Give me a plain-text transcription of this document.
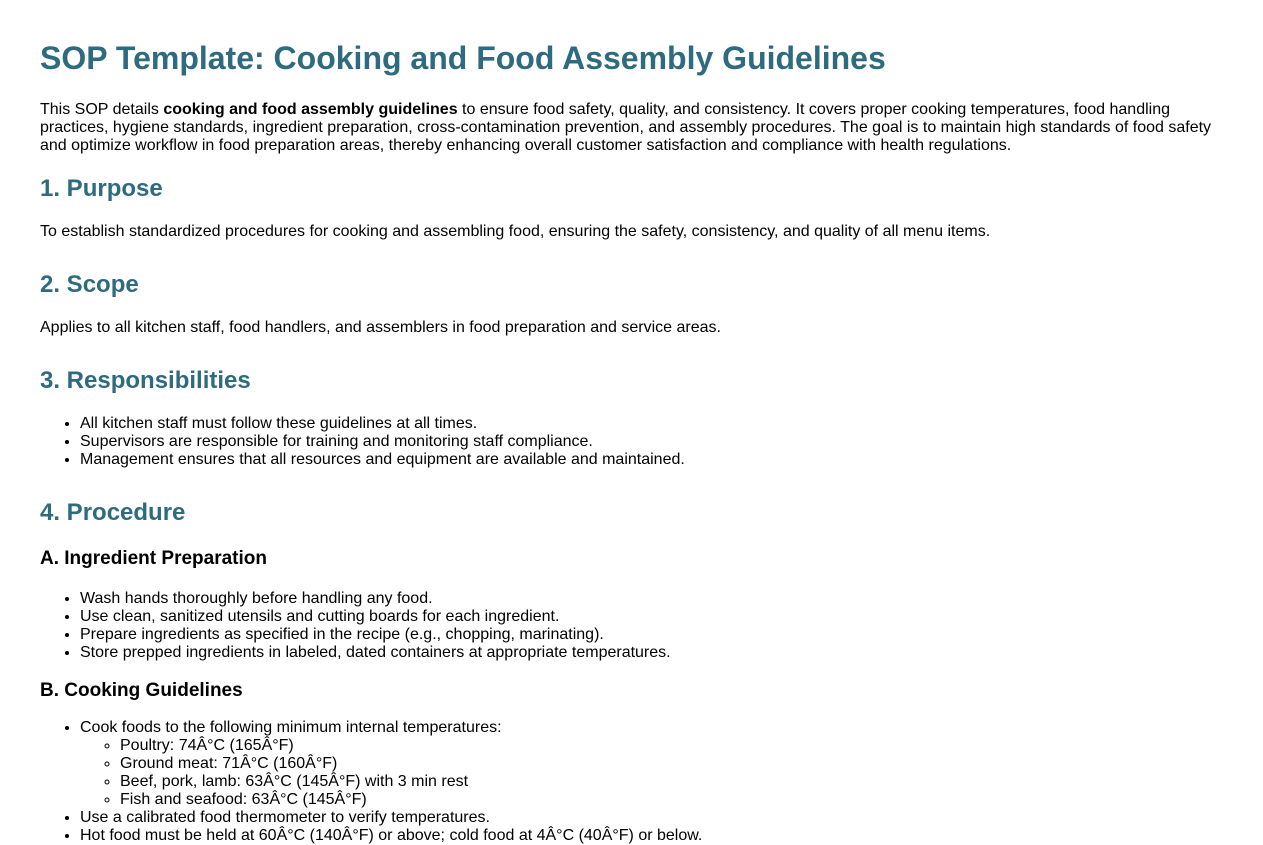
SOP Template: Cooking and Food Assembly Guidelines

This SOP details cooking and food assembly guidelines to ensure food safety, quality, and consistency. It covers proper cooking temperatures, food handling practices, hygiene standards, ingredient preparation, cross-contamination prevention, and assembly procedures. The goal is to maintain high standards of food safety and optimize workflow in food preparation areas, thereby enhancing overall customer satisfaction and compliance with health regulations.

1. Purpose

To establish standardized procedures for cooking and assembling food, ensuring the safety, consistency, and quality of all menu items.

2. Scope

Applies to all kitchen staff, food handlers, and assemblers in food preparation and service areas.

3. Responsibilities
• All kitchen staff must follow these guidelines at all times.
• Supervisors are responsible for training and monitoring staff compliance.
• Management ensures that all resources and equipment are available and maintained.
4. Procedure
A. Ingredient Preparation
• Wash hands thoroughly before handling any food.
• Use clean, sanitized utensils and cutting boards for each ingredient.
• Prepare ingredients as specified in the recipe (e.g., chopping, marinating).
• Store prepped ingredients in labeled, dated containers at appropriate temperatures.
B. Cooking Guidelines
• Cook foods to the following minimum internal temperatures:
◦ Poultry: 74Â°C (165Â°F)
◦ Ground meat: 71Â°C (160Â°F)
◦ Beef, pork, lamb: 63Â°C (145Â°F) with 3 min rest
◦ Fish and seafood: 63Â°C (145Â°F)
• Use a calibrated food thermometer to verify temperatures.
• Hot food must be held at 60Â°C (140Â°F) or above; cold food at 4Â°C (40Â°F) or below.
